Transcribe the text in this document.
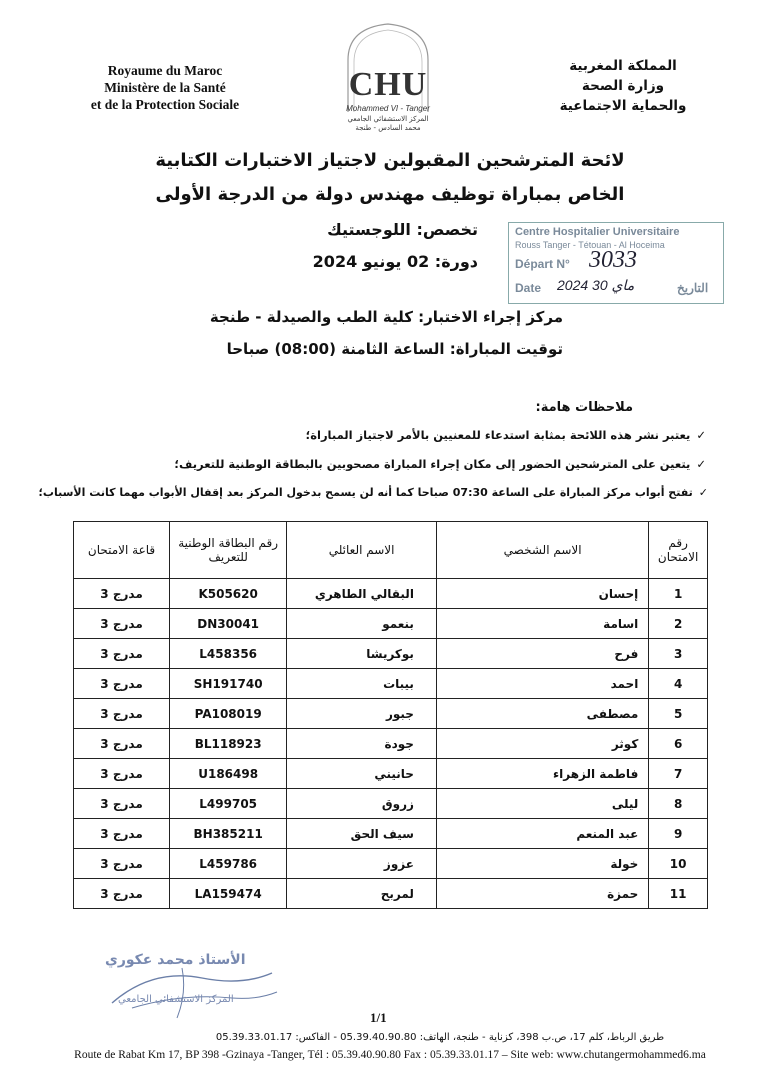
Royaume du Maroc
Ministère de la Santé
et de la Protection Sociale
CHU
Mohammed VI - Tanger
المركز الاستشفائي الجامعي
محمد السادس - طنجة
المملكة المغربية
وزارة الصحة
والحماية الاجتماعية
لائحة المترشحين المقبولين لاجتياز الاختبارات الكتابية
الخاص بمباراة توظيف مهندس دولة من الدرجة الأولى
تخصص: اللوجستيك
دورة: 02 يونيو 2024
مركز إجراء الاختبار: كلية الطب والصيدلة - طنجة
توقيت المباراة: الساعة الثامنة (08:00) صباحا
Centre Hospitalier Universitaire
Rouss Tanger - Tétouan - Al Hoceima
Départ N° 3033
Date 2024 ماي 30	التاريخ
ملاحظات هامة:
✓يعتبر نشر هذه اللائحة بمثابة استدعاء للمعنيين بالأمر لاجتياز المباراة؛
✓يتعين على المترشحين الحضور إلى مكان إجراء المباراة مصحوبين بالبطاقة الوطنية للتعريف؛
✓تفتح أبواب مركز المباراة على الساعة 07:30 صباحا كما أنه لن يسمح بدخول المركز بعد إقفال الأبواب مهما كانت الأسباب؛
رقم الامتحان	الاسم الشخصي	الاسم العائلي	رقم البطاقة الوطنية للتعريف	قاعة الامتحان
1	إحسان	البقالي الطاهري	K505620	مدرج 3
2	اسامة	بنعمو	DN30041	مدرج 3
3	فرح	بوكريشا	L458356	مدرج 3
4	احمد	بيبات	SH191740	مدرج 3
5	مصطفى	جبور	PA108019	مدرج 3
6	كوثر	جودة	BL118923	مدرج 3
7	فاطمة الزهراء	حانيني	U186498	مدرج 3
8	ليلى	زروق	L499705	مدرج 3
9	عبد المنعم	سيف الحق	BH385211	مدرج 3
10	خولة	عزوز	L459786	مدرج 3
11	حمزة	لمربح	LA159474	مدرج 3
الأستاذ محمد عكوري
المركز الاستشفائي الجامعي
1/1
طريق الرباط، كلم 17، ص.ب 398، كزناية - طنجة، الهاتف: 05.39.40.90.80 - الفاكس: 05.39.33.01.17
Route de Rabat Km 17, BP 398 -Gzinaya -Tanger, Tél : 05.39.40.90.80 Fax : 05.39.33.01.17 – Site web: www.chutangermohammed6.ma
